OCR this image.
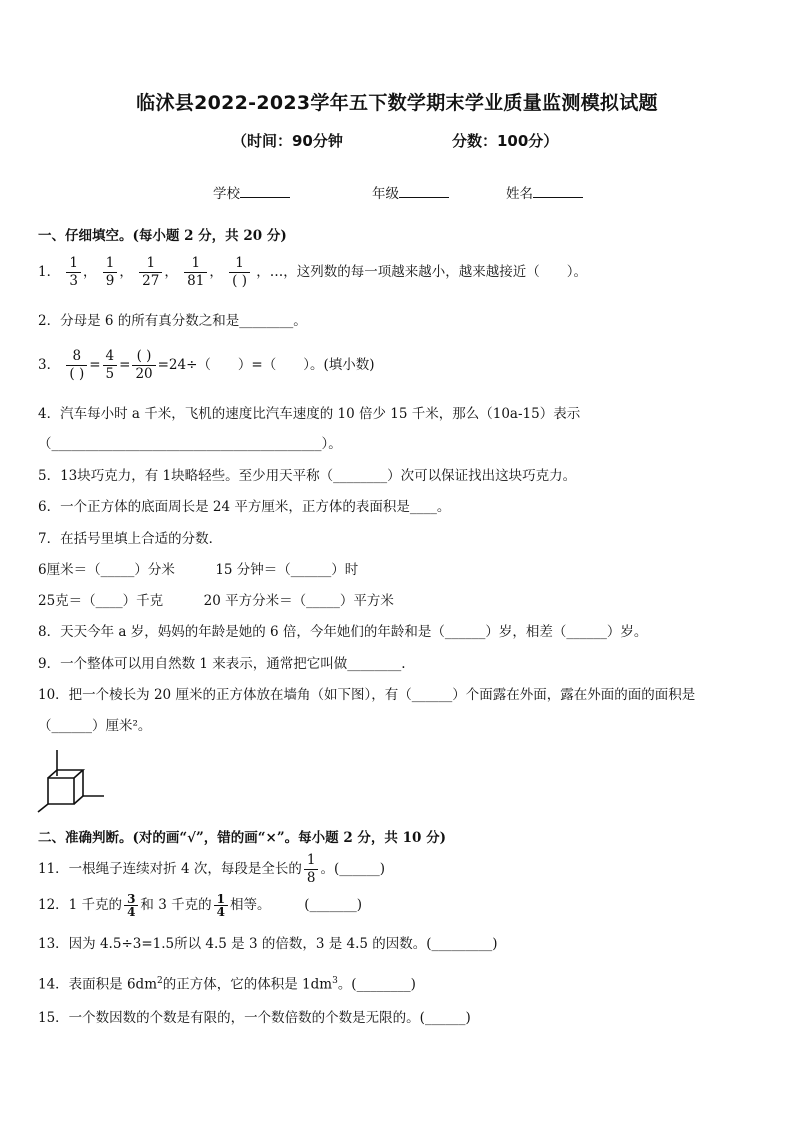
临沭县2022-2023学年五下数学期末学业质量监测模拟试题
（时间：90分钟	分数：100分）
学校	年级	姓名
一、仔细填空。(每小题 2 分，共 20 分)
1． $\frac{1}{3}$ ， $\frac{1}{9}$ ， $\frac{1}{27}$ ， $\frac{1}{81}$ ， $\frac{1}{( )}$ ，…，这列数的每一项越来越小，越来越接近（　　）。
2．分母是 6 的所有真分数之和是________。
3． $\frac{8}{( )} = \frac{4}{5} = \frac{( )}{20} =24\div$（　　）=（　　）。(填小数)
4．汽车每小时 a 千米，飞机的速度比汽车速度的 10 倍少 15 千米，那么（10a-15）表示
（________________________________________）。
5．13块巧克力，有 1块略轻些。至少用天平称（________）次可以保证找出这块巧克力。
6．一个正方体的底面周长是 24 平方厘米，正方体的表面积是____。
7．在括号里填上合适的分数．
6厘米＝（_____）分米　　　15 分钟＝（______）时
25克＝（____）千克　　　20 平方分米＝（_____）平方米
8．天天今年 a 岁，妈妈的年龄是她的 6 倍，今年她们的年龄和是（______）岁，相差（______）岁。
9．一个整体可以用自然数 1 来表示，通常把它叫做________.
10．把一个棱长为 20 厘米的正方体放在墙角（如下图），有（______）个面露在外面，露在外面的面的面积是
（______）厘米²。
二、准确判断。(对的画“√”，错的画“×”。每小题 2 分，共 10 分)
11．一根绳子连续对折 4 次，每段是全长的 $\frac{1}{8}$ 。(______)
12．1 千克的 $\frac{3}{4}$ 和 3 千克的 $\frac{1}{4}$ 相等。　　　(_______)
13．因为 4.5÷3=1.5所以 4.5 是 3 的倍数，3 是 4.5 的因数。(_________)
14．表面积是 $6dm^2$的正方体，它的体积是 $1dm^3$。(________)
15．一个数因数的个数是有限的，一个数倍数的个数是无限的。(______)
